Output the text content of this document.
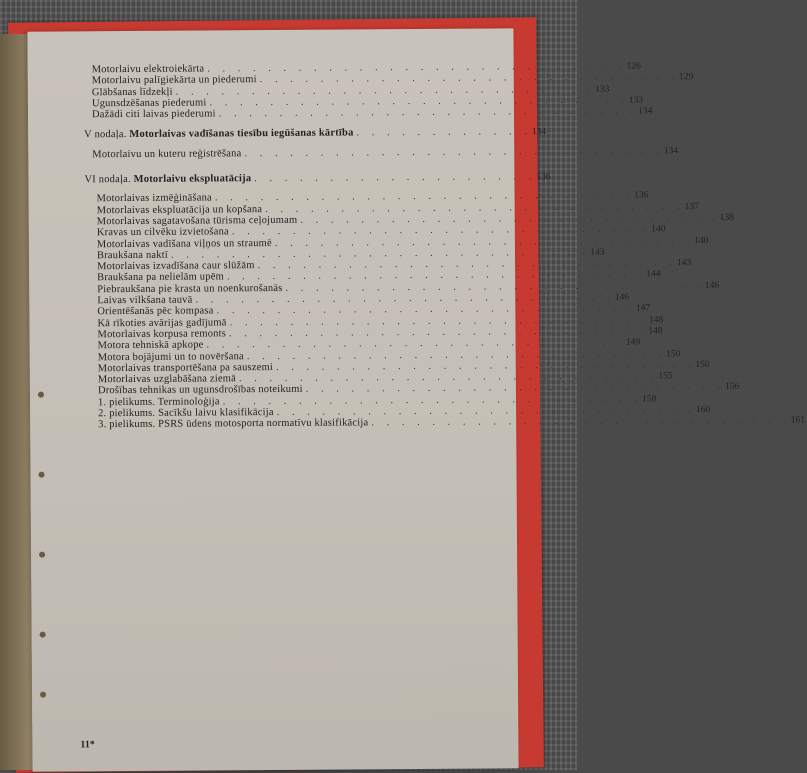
Motorlaivu elektroiekārta . . . . . . . . . . . . . . . . . . . . . . . . . . . . 126
Motorlaivu palīgiekārta un piederumi . . . . . . . . . . . . . . . . . . . . . . . . . . . . 129
Glābšanas līdzekļi . . . . . . . . . . . . . . . . . . . . . . . . . . . . 133
Ugunsdzēšanas piederumi . . . . . . . . . . . . . . . . . . . . . . . . . . . . 133
Dažādi citi laivas piederumi . . . . . . . . . . . . . . . . . . . . . . . . . . . . 134
V nodaļa. Motorlaivas vadīšanas tiesību iegūšanas kārtība . . . . . . . . . . . . 134
Motorlaivu un kuteru reģistrēšana . . . . . . . . . . . . . . . . . . . . . . . . . . . . 134
VI nodaļa. Motorlaivu ekspluatācija . . . . . . . . . . . . . . . . . . . 136
Motorlaivas izmēģināšana . . . . . . . . . . . . . . . . . . . . . . . . . . . . 136
Motorlaivas ekspluatācija un kopšana . . . . . . . . . . . . . . . . . . . . . . . . . . . . 137
Motorlaivas sagatavošana tūrisma ceļojumam . . . . . . . . . . . . . . . . . . . . . . . . . . . . 138
Kravas un cilvēku izvietošana . . . . . . . . . . . . . . . . . . . . . . . . . . . . 140
Motorlaivas vadīšana viļņos un straumē . . . . . . . . . . . . . . . . . . . . . . . . . . . . 140
Braukšana naktī . . . . . . . . . . . . . . . . . . . . . . . . . . . . 143
Motorlaivas izvadīšana caur slūžām . . . . . . . . . . . . . . . . . . . . . . . . . . . . 143
Braukšana pa nelielām upēm . . . . . . . . . . . . . . . . . . . . . . . . . . . . 144
Piebraukšana pie krasta un noenkurošanās . . . . . . . . . . . . . . . . . . . . . . . . . . . . 146
Laivas vilkšana tauvā . . . . . . . . . . . . . . . . . . . . . . . . . . . . 146
Orientēšanās pēc kompasa . . . . . . . . . . . . . . . . . . . . . . . . . . . . 147
Kā rīkoties avārijas gadījumā . . . . . . . . . . . . . . . . . . . . . . . . . . . . 148
Motorlaivas korpusa remonts . . . . . . . . . . . . . . . . . . . . . . . . . . . . 148
Motora tehniskā apkope . . . . . . . . . . . . . . . . . . . . . . . . . . . . 149
Motora bojājumi un to novēršana . . . . . . . . . . . . . . . . . . . . . . . . . . . . 150
Motorlaivas transportēšana pa sauszemi . . . . . . . . . . . . . . . . . . . . . . . . . . . . 150
Motorlaivas uzglabāšana ziemā . . . . . . . . . . . . . . . . . . . . . . . . . . . . 155
Drošības tehnikas un ugunsdrošības noteikumi . . . . . . . . . . . . . . . . . . . . . . . . . . . . 156
1. pielikums. Terminoloģija . . . . . . . . . . . . . . . . . . . . . . . . . . . . 158
2. pielikums. Sacīkšu laivu klasifikācija . . . . . . . . . . . . . . . . . . . . . . . . . . . . 160
3. pielikums. PSRS ūdens motosporta normatīvu klasifikācija . . . . . . . . . . . . . . . . . . . . . . . . . . . . 161
11*
